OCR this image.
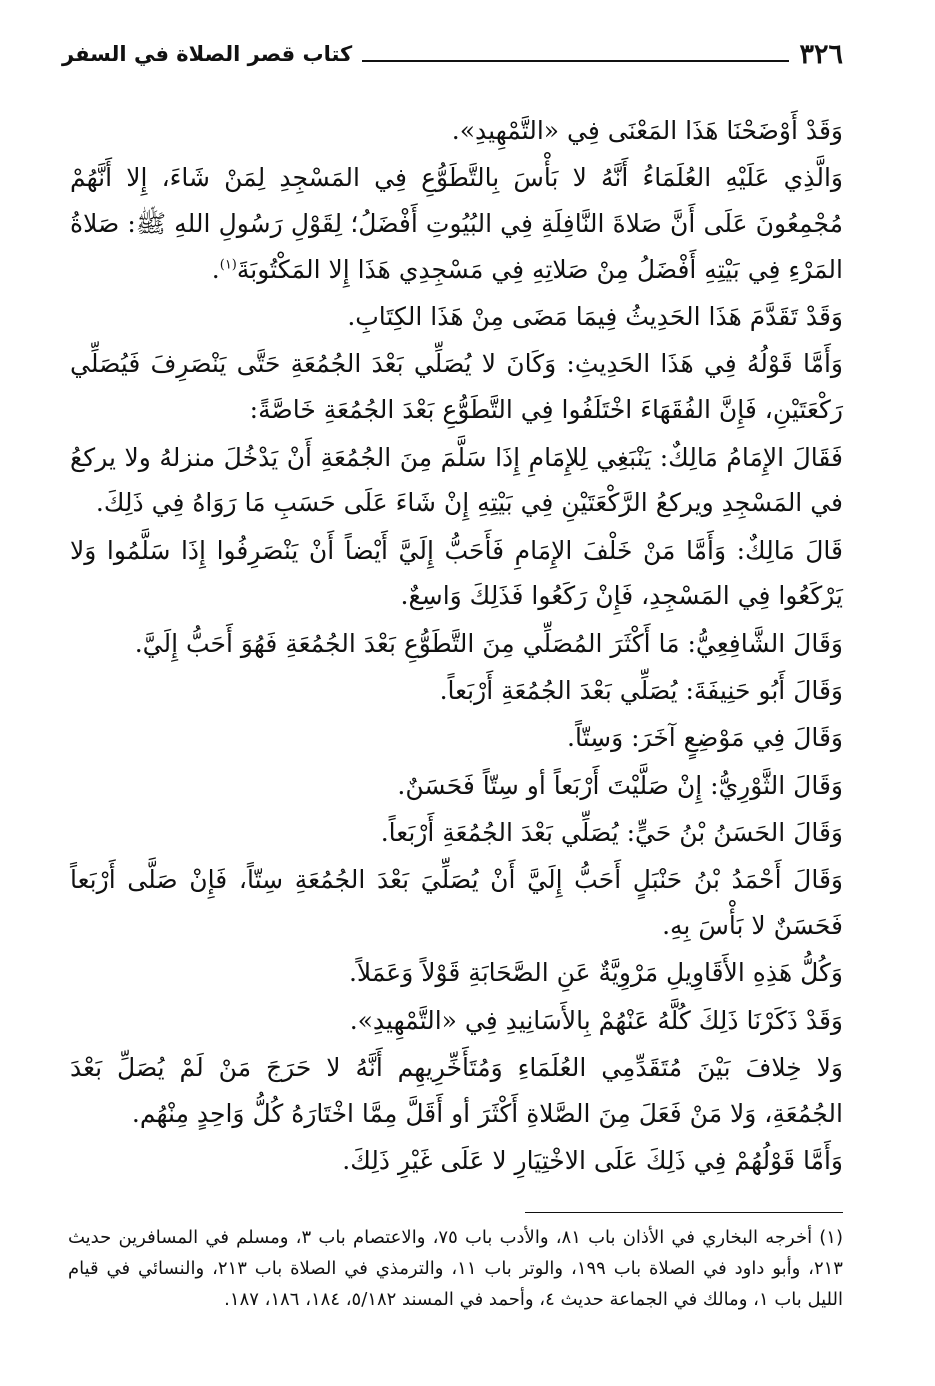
٣٢٦
كتاب قصر الصلاة في السفر

وَقَدْ أَوْضَحْنَا هَذَا المَعْنَى فِي «التَّمْهِيدِ».

وَالَّذِي عَلَيْهِ العُلَمَاءُ أَنَّهُ لا بَأْسَ بِالتَّطَوُّعِ فِي المَسْجِدِ لِمَنْ شَاءَ، إِلا أَنَّهُمْ مُجْمِعُونَ عَلَى أَنَّ صَلاةَ النَّافِلَةِ فِي البُيُوتِ أَفْضَلُ؛ لِقَوْلِ رَسُولِ اللهِ ﷺ: صَلاةُ المَرْءِ فِي بَيْتِهِ أَفْضَلُ مِنْ صَلاتِهِ فِي مَسْجِدِي هَذَا إِلا المَكْتُوبَةَ$^{(١)}$.

وَقَدْ تَقَدَّمَ هَذَا الحَدِيثُ فِيمَا مَضَى مِنْ هَذَا الكِتَابِ.

وَأَمَّا قَوْلُهُ فِي هَذَا الحَدِيثِ: وَكَانَ لا يُصَلِّي بَعْدَ الجُمُعَةِ حَتَّى يَنْصَرِفَ فَيُصَلِّي رَكْعَتَيْنِ، فَإِنَّ الفُقَهَاءَ اخْتَلَفُوا فِي التَّطَوُّعِ بَعْدَ الجُمُعَةِ خَاصَّةً:

فَقَالَ الإِمَامُ مَالِكٌ: يَنْبَغِي لِلإِمَامِ إِذَا سَلَّمَ مِنَ الجُمُعَةِ أَنْ يَدْخُلَ منزلهُ ولا يركعُ في المَسْجِدِ ويركعُ الرَّكْعَتَيْنِ فِي بَيْتِهِ إِنْ شَاءَ عَلَى حَسَبِ مَا رَوَاهُ فِي ذَلِكَ.

قَالَ مَالِكٌ: وَأَمَّا مَنْ خَلْفَ الإِمَامِ فَأَحَبُّ إِلَيَّ أَيْضاً أَنْ يَنْصَرِفُوا إِذَا سَلَّمُوا وَلا يَرْكَعُوا فِي المَسْجِدِ، فَإِنْ رَكَعُوا فَذَلِكَ وَاسِعٌ.

وَقَالَ الشَّافِعِيُّ: مَا أَكْثَرَ المُصَلِّي مِنَ التَّطَوُّعِ بَعْدَ الجُمُعَةِ فَهُوَ أَحَبُّ إِلَيَّ.

وَقَالَ أَبُو حَنِيفَةَ: يُصَلِّي بَعْدَ الجُمُعَةِ أَرْبَعاً.

وَقَالَ فِي مَوْضِعٍ آخَرَ: وَسِتّاً.

وَقَالَ الثَّوْرِيُّ: إِنْ صَلَّيْتَ أَرْبَعاً أو سِتّاً فَحَسَنٌ.

وَقَالَ الحَسَنُ بْنُ حَيٍّ: يُصَلِّي بَعْدَ الجُمُعَةِ أَرْبَعاً.

وَقَالَ أَحْمَدُ بْنُ حَنْبَلٍ أَحَبُّ إِلَيَّ أَنْ يُصَلِّيَ بَعْدَ الجُمُعَةِ سِتّاً، فَإِنْ صَلَّى أَرْبَعاً فَحَسَنٌ لا بَأْسَ بِهِ.

وَكُلُّ هَذِهِ الأَقَاوِيلِ مَرْوِيَّةٌ عَنِ الصَّحَابَةِ قَوْلاً وَعَمَلاً.

وَقَدْ ذَكَرْنَا ذَلِكَ كُلَّهُ عَنْهُمْ بِالأَسَانِيدِ فِي «التَّمْهِيدِ».

وَلا خِلافَ بَيْنَ مُتَقَدِّمِي العُلَمَاءِ وَمُتَأَخِّرِيهِم أَنَّهُ لا حَرَجَ مَنْ لَمْ يُصَلِّ بَعْدَ الجُمُعَةِ، وَلا مَنْ فَعَلَ مِنَ الصَّلاةِ أَكْثَرَ أو أَقَلَّ مِمَّا اخْتَارَهُ كُلُّ وَاحِدٍ مِنْهُم.

وَأَمَّا قَوْلُهُمْ فِي ذَلِكَ عَلَى الاخْتِيَارِ لا عَلَى غَيْرِ ذَلِكَ.

(١) أخرجه البخاري في الأذان باب ٨١، والأدب باب ٧٥، والاعتصام باب ٣، ومسلم في المسافرين حديث ٢١٣، وأبو داود في الصلاة باب ١٩٩، والوتر باب ١١، والترمذي في الصلاة باب ٢١٣، والنسائي في قيام الليل باب ١، ومالك في الجماعة حديث ٤، وأحمد في المسند ٥/١٨٢، ١٨٤، ١٨٦، ١٨٧.
